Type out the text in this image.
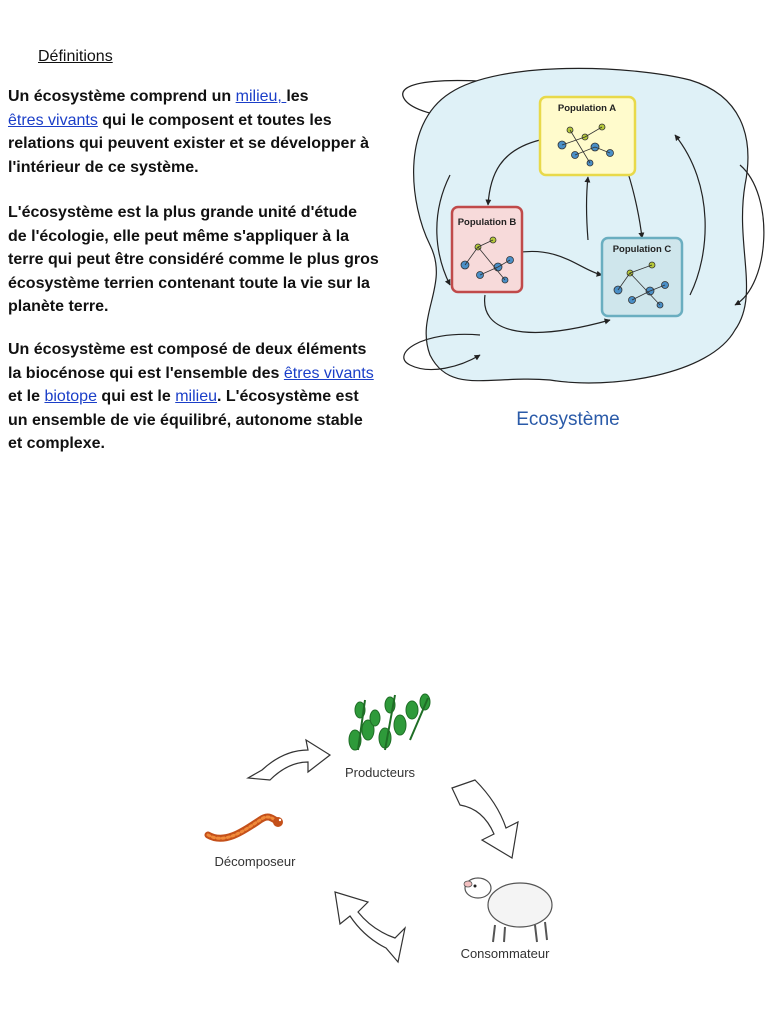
Définitions

Un écosystème comprend un milieu, les
êtres vivants qui le composent et toutes les relations qui peuvent exister et se développer à l'intérieur de ce système.

L'écosystème est la plus grande unité d'étude de l'écologie, elle peut même s'appliquer à la terre qui peut être considéré comme le plus gros écosystème terrien contenant toute la vie sur la planète terre.

Un écosystème est composé de deux éléments la biocénose qui est l'ensemble des êtres vivants et le biotope qui est le milieu. L'écosystème est un ensemble de vie équilibré, autonome stable et complexe.

Population A
Population B
Population C
Ecosystème
Producteurs
Consommateur
Décomposeur
